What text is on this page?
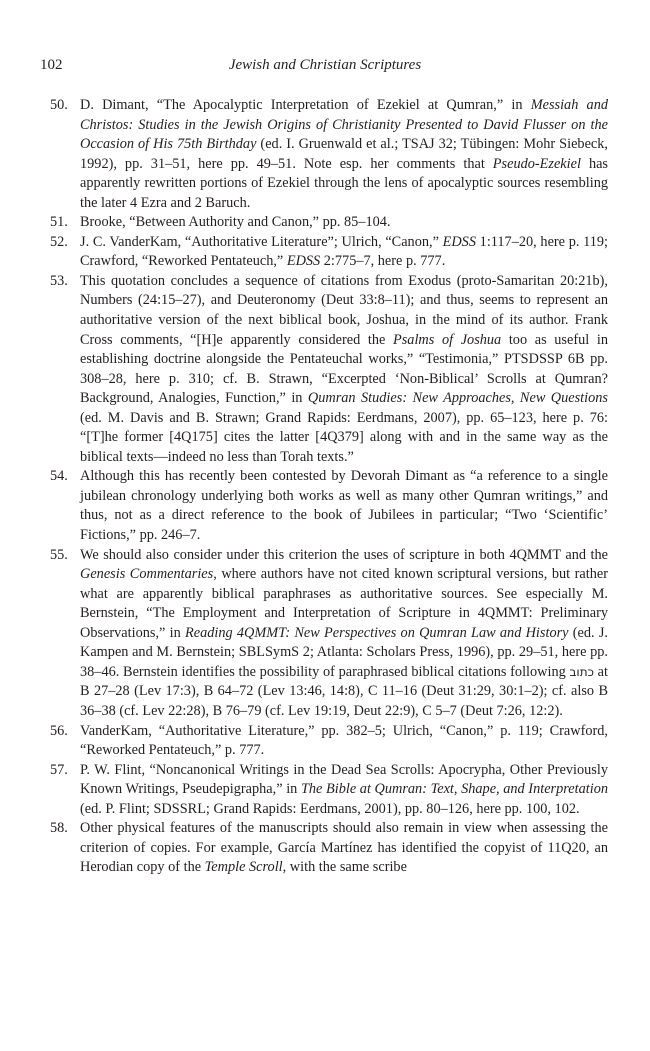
102	Jewish and Christian Scriptures
50. D. Dimant, “The Apocalyptic Interpretation of Ezekiel at Qumran,” in Messiah and Christos: Studies in the Jewish Origins of Christianity Presented to David Flusser on the Occasion of His 75th Birthday (ed. I. Gruenwald et al.; TSAJ 32; Tübingen: Mohr Siebeck, 1992), pp. 31–51, here pp. 49–51. Note esp. her comments that Pseudo-Ezekiel has apparently rewritten portions of Ezekiel through the lens of apocalyptic sources resembling the later 4 Ezra and 2 Baruch.
51. Brooke, “Between Authority and Canon,” pp. 85–104.
52. J. C. VanderKam, “Authoritative Literature”; Ulrich, “Canon,” EDSS 1:117–20, here p. 119; Crawford, “Reworked Pentateuch,” EDSS 2:775–7, here p. 777.
53. This quotation concludes a sequence of citations from Exodus (proto-Samaritan 20:21b), Numbers (24:15–27), and Deuteronomy (Deut 33:8–11); and thus, seems to represent an authoritative version of the next biblical book, Joshua, in the mind of its author. Frank Cross comments, “[H]e apparently considered the Psalms of Joshua too as useful in establishing doctrine alongside the Pentateuchal works,” “Testimonia,” PTSDSSP 6B pp. 308–28, here p. 310; cf. B. Strawn, “Excerpted ‘Non-Biblical’ Scrolls at Qumran? Background, Analogies, Function,” in Qumran Studies: New Approaches, New Questions (ed. M. Davis and B. Strawn; Grand Rapids: Eerdmans, 2007), pp. 65–123, here p. 76: “[T]he former [4Q175] cites the latter [4Q379] along with and in the same way as the biblical texts—indeed no less than Torah texts.”
54. Although this has recently been contested by Devorah Dimant as “a reference to a single jubilean chronology underlying both works as well as many other Qumran writings,” and thus, not as a direct reference to the book of Jubilees in particular; “Two ‘Scientific’ Fictions,” pp. 246–7.
55. We should also consider under this criterion the uses of scripture in both 4QMMT and the Genesis Commentaries, where authors have not cited known scriptural versions, but rather what are apparently biblical paraphrases as authoritative sources. See especially M. Bernstein, “The Employment and Interpretation of Scripture in 4QMMT: Preliminary Observations,” in Reading 4QMMT: New Perspectives on Qumran Law and History (ed. J. Kampen and M. Bernstein; SBLSymS 2; Atlanta: Scholars Press, 1996), pp. 29–51, here pp. 38–46. Bernstein identifies the possibility of paraphrased biblical citations following כתוב at B 27–28 (Lev 17:3), B 64–72 (Lev 13:46, 14:8), C 11–16 (Deut 31:29, 30:1–2); cf. also B 36–38 (cf. Lev 22:28), B 76–79 (cf. Lev 19:19, Deut 22:9), C 5–7 (Deut 7:26, 12:2).
56. VanderKam, “Authoritative Literature,” pp. 382–5; Ulrich, “Canon,” p. 119; Crawford, “Reworked Pentateuch,” p. 777.
57. P. W. Flint, “Noncanonical Writings in the Dead Sea Scrolls: Apocrypha, Other Previously Known Writings, Pseudepigrapha,” in The Bible at Qumran: Text, Shape, and Interpretation (ed. P. Flint; SDSSRL; Grand Rapids: Eerdmans, 2001), pp. 80–126, here pp. 100, 102.
58. Other physical features of the manuscripts should also remain in view when assessing the criterion of copies. For example, García Martínez has identified the copyist of 11Q20, an Herodian copy of the Temple Scroll, with the same scribe
